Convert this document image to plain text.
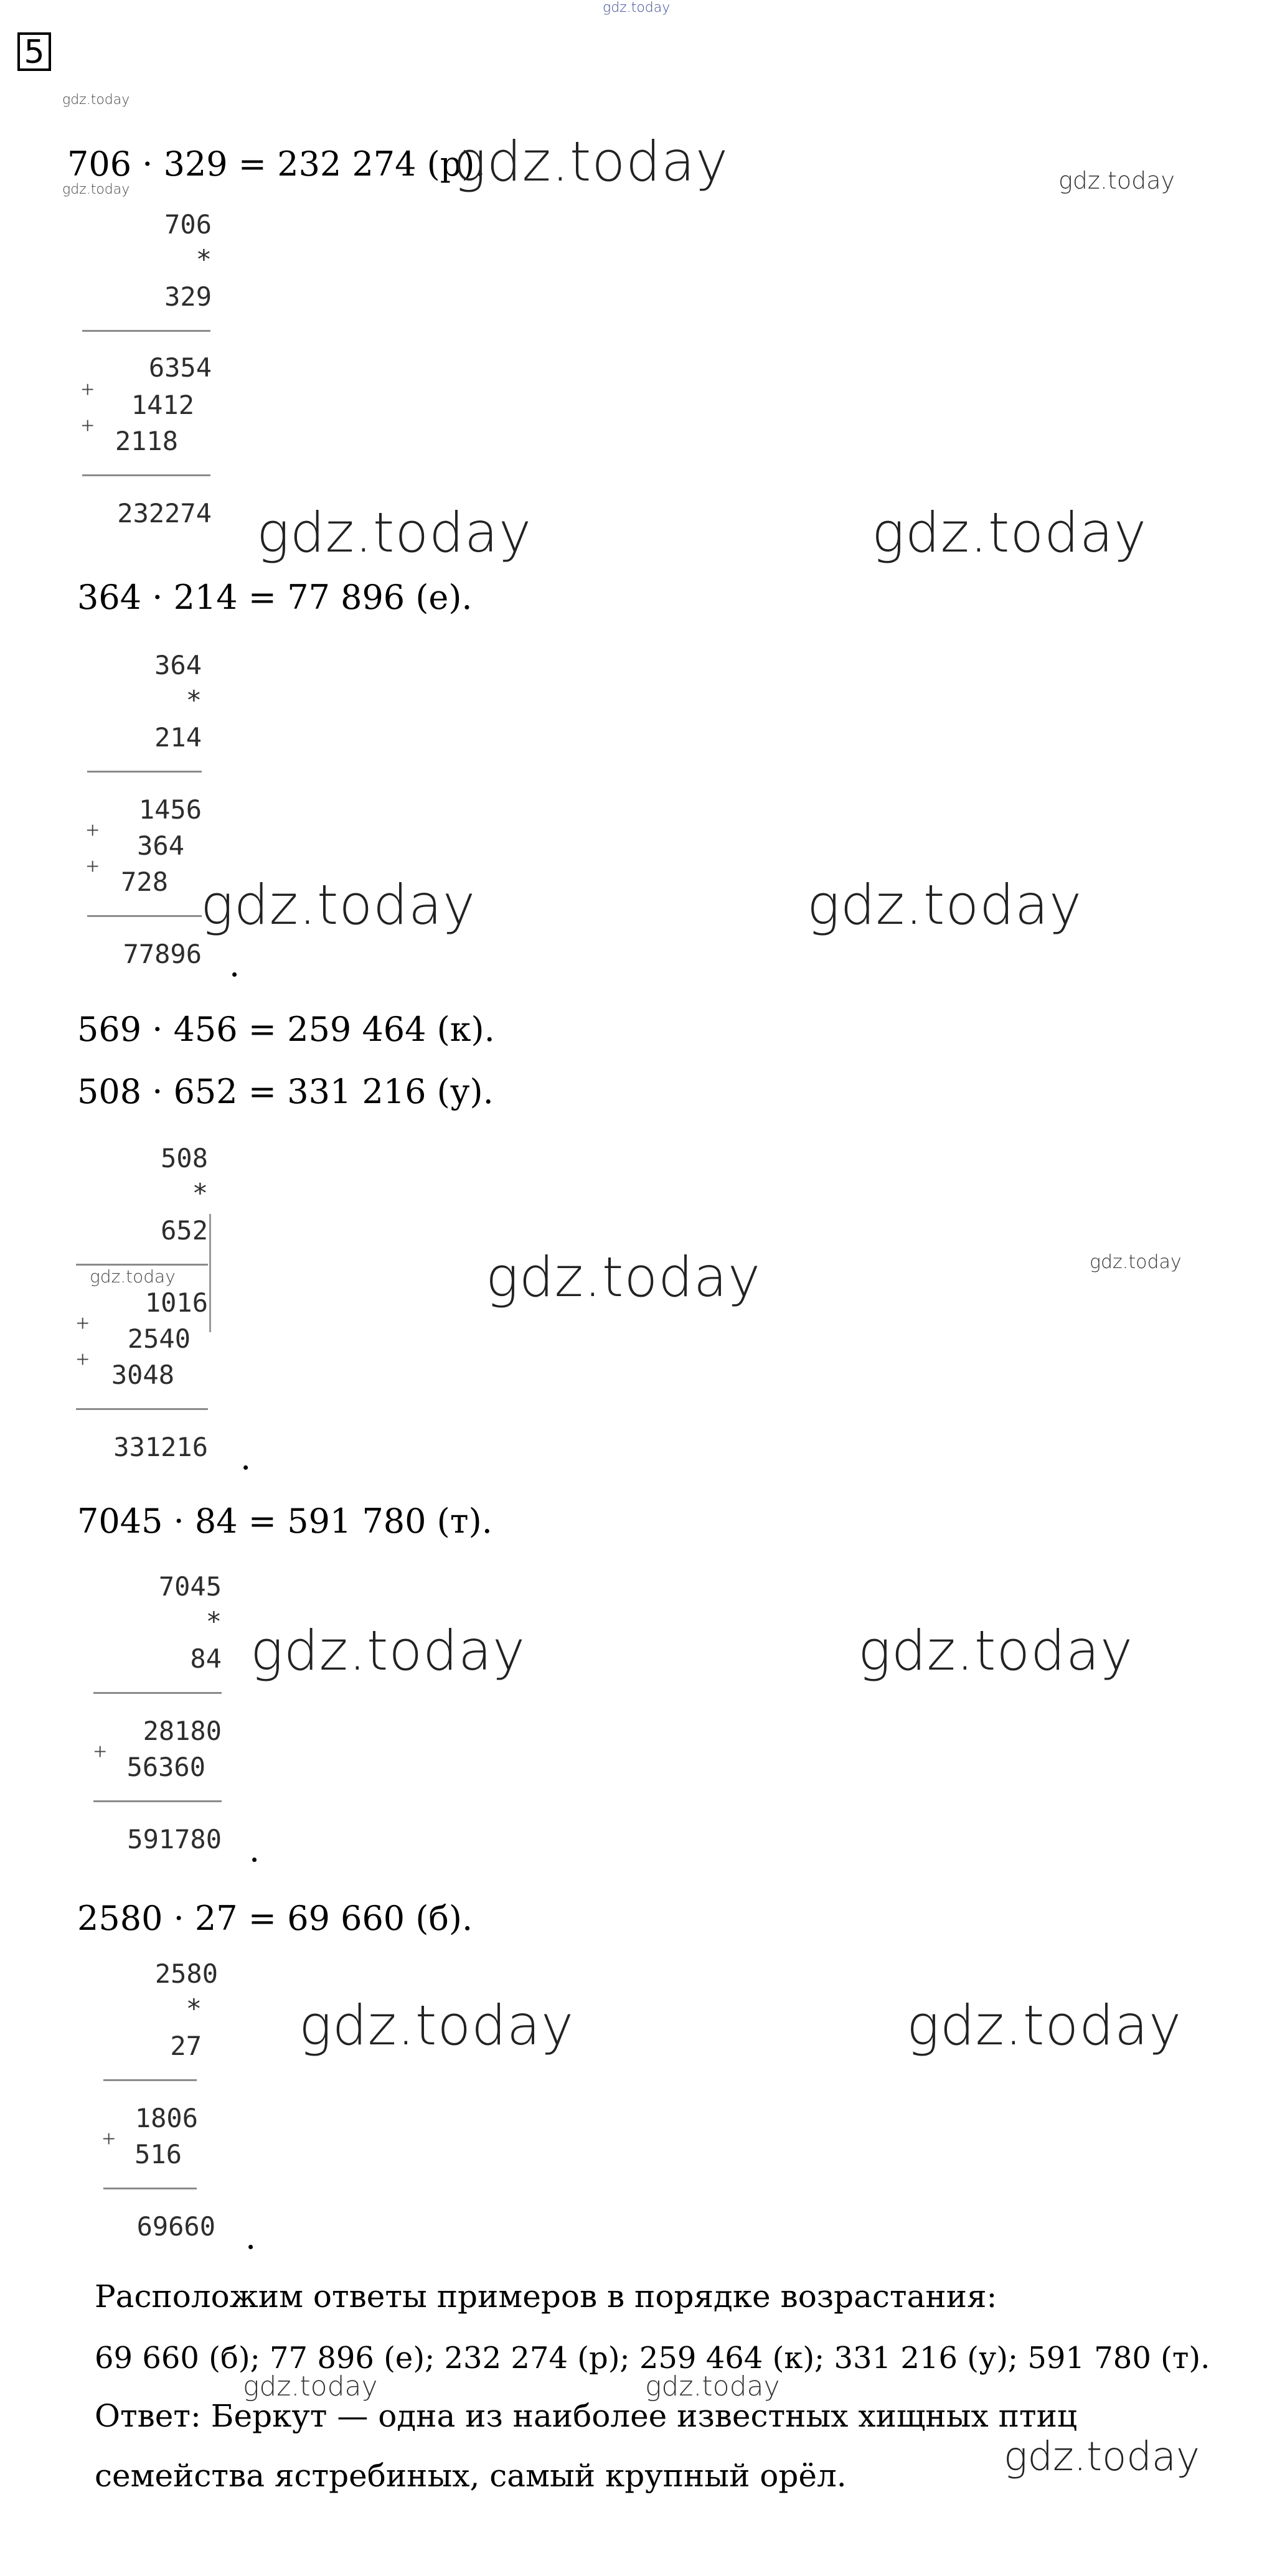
gdz.today
5
gdz.today
gdz.today	gdz.today
706 · 329 = 232 274 (р).
gdz.today
706
*
329
6354
+	1412
+ 2118
232274 gdz.today	gdz.today
364 · 214 = 77 896 (е).
364
*
214
1456
+	364
+ 728
77896 .
gdz.today	gdz.today
569 · 456 = 259 464 (к).
508 · 652 = 331 216 (у).
508
*
652
gdz.today
1016
+	2540
+ 3048
331216 .
gdz.today	gdz.today
7045 · 84 = 591 780 (т).
7045
*
84
28180
+ 56360
591780 .
gdz.today	gdz.today
2580 · 27 = 69 660 (б).
2580
*
27
1806
+ 516
69660 .
gdz.today	gdz.today
Расположим ответы примеров в порядке возрастания:
69 660 (б); 77 896 (е); 232 274 (р); 259 464 (к); 331 216 (у); 591 780 (т).
gdz.today	gdz.today
Ответ: Беркут — одна из наиболее известных хищных птиц
семейства ястребиных, самый крупный орёл.	gdz.today
